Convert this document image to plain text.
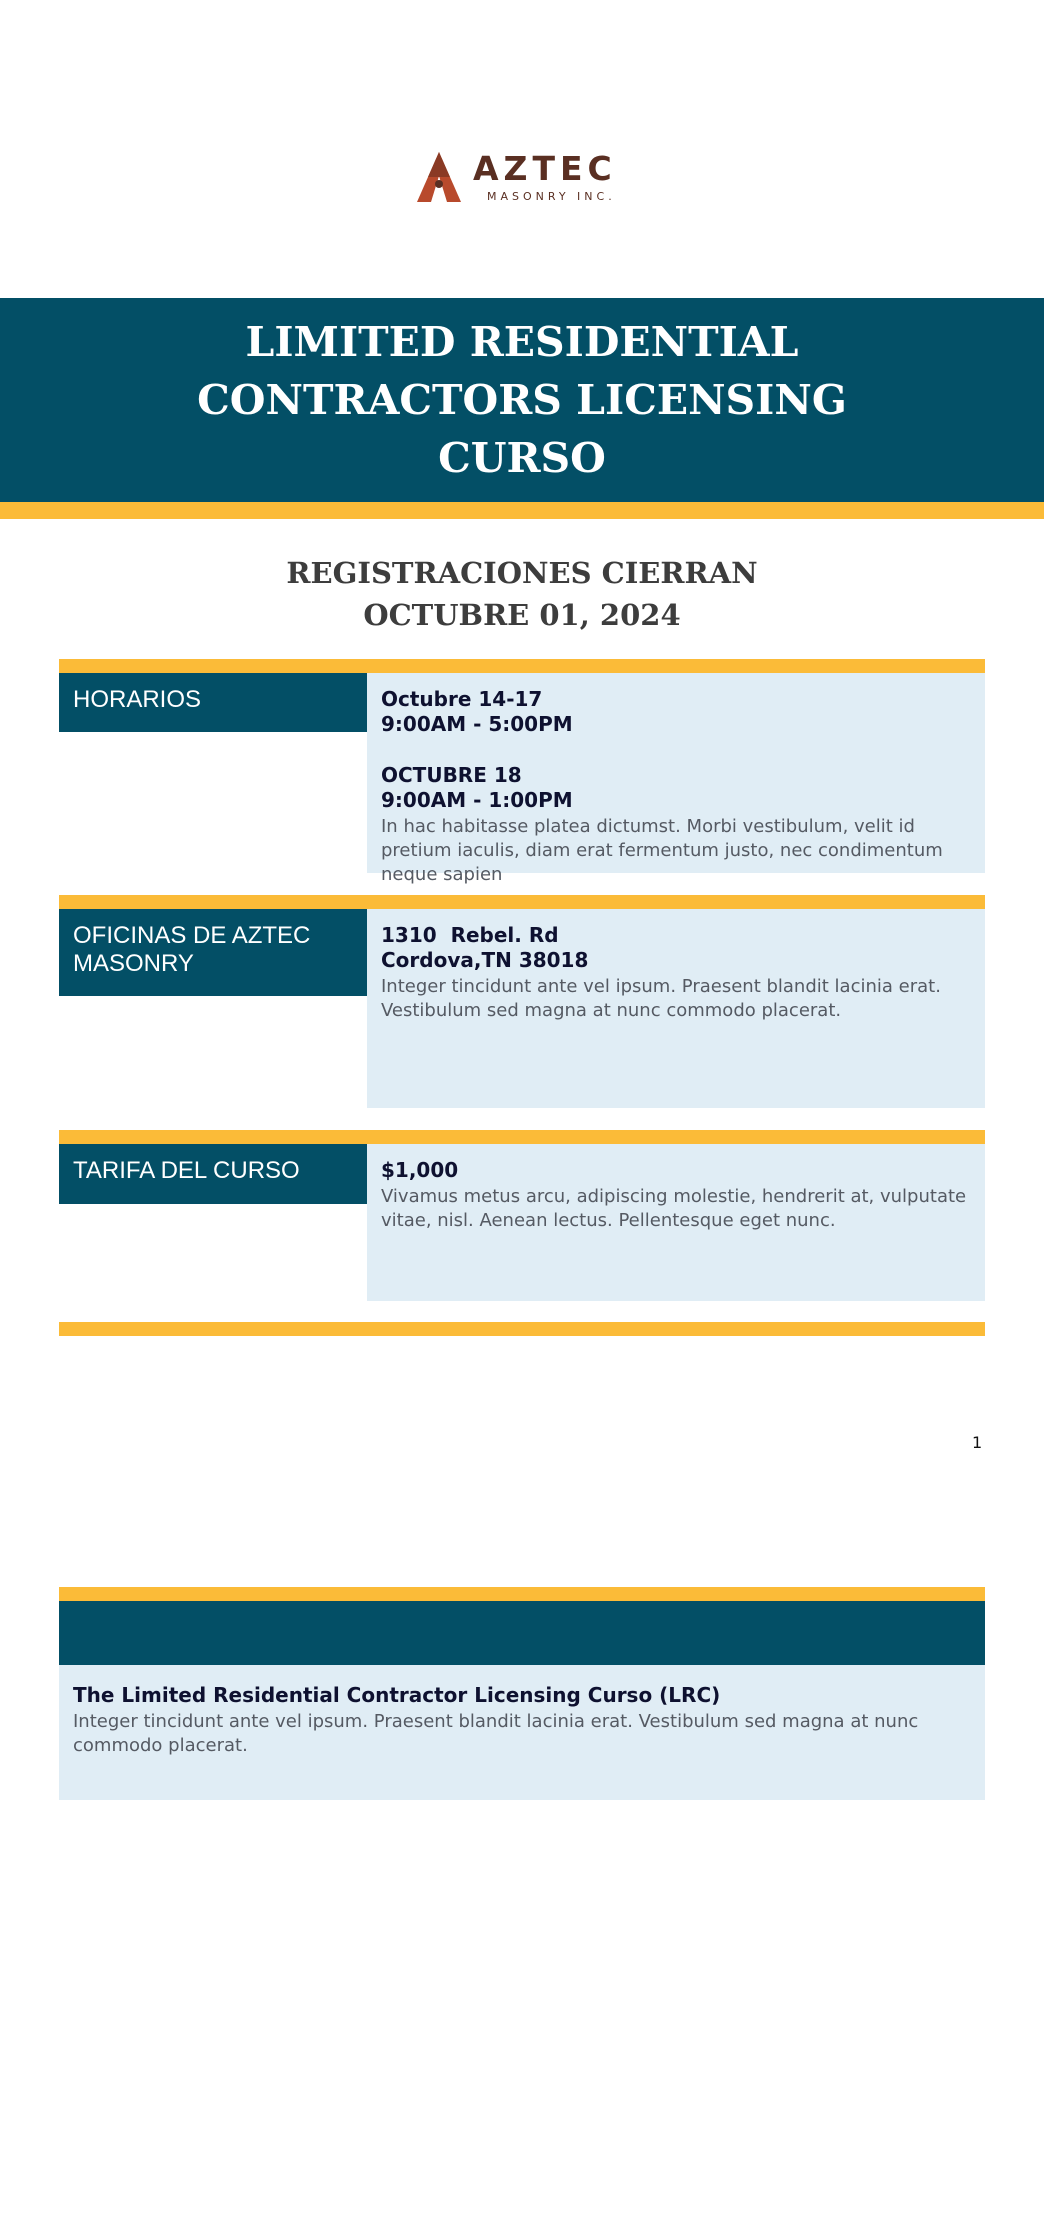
AZTEC
MASONRY INC.
LIMITED RESIDENTIAL
CONTRACTORS LICENSING
CURSO
REGISTRACIONES CIERRAN
OCTUBRE 01, 2024
HORARIOS	Octubre 14-17

9:00AM - 5:00PM

OCTUBRE 18

9:00AM - 1:00PM

In hac habitasse platea dictumst. Morbi vestibulum, velit id pretium iaculis, diam erat fermentum justo, nec condimentum neque sapien

OFICINAS DE AZTEC MASONRY

1310  Rebel. Rd

Cordova,TN 38018

Integer tincidunt ante vel ipsum. Praesent blandit lacinia erat. Vestibulum sed magna at nunc commodo placerat.

TARIFA DEL CURSO	$1,000

Vivamus metus arcu, adipiscing molestie, hendrerit at, vulputate vitae, nisl. Aenean lectus. Pellentesque eget nunc.

1

The Limited Residential Contractor Licensing Curso (LRC)

Integer tincidunt ante vel ipsum. Praesent blandit lacinia erat. Vestibulum sed magna at nunc commodo placerat.
